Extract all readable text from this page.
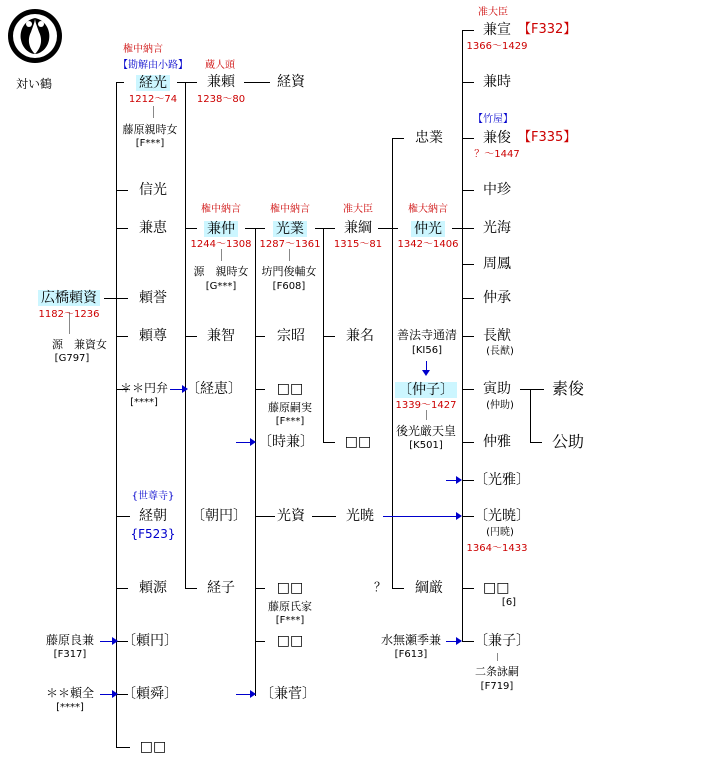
対い鶴
広橋頼資
1182～1236
源　兼資女
[G797]
権中納言
【勘解由小路】
経光
1212～74
藤原親時女
[F***]
信光
兼恵
頼誉
頼尊
＊＊円弁
[****]
{世尊寺}
経朝
{F523}
頼源
藤原良兼
[F317]
〔頼円〕
＊＊頼全
[****]
〔頼舜〕
□□
蔵人頭
兼頼
1238～80
経資
権中納言
兼仲
1244～1308
源　親時女
[G***]
兼智
〔経恵〕
〔朝円〕
経子
権中納言
光業
1287～1361
坊門俊輔女
[F608]
宗昭
□□
藤原嗣実
[F***]
〔時兼〕
光資
□□
藤原氏家
[F***]
□□
〔兼菅〕
准大臣
兼綱
1315～81
兼名
□□
光暁
忠業
権大納言
仲光
1342～1406
善法寺通清
[KI56]
〔仲子〕
1339～1427
後光厳天皇
[K501]
？ 綱厳
水無瀬季兼
[F613]
准大臣
兼宣 【F332】
1366～1429
兼時
【竹屋】
兼俊 【F335】
？～1447
中珍
光海
周鳳
仲承
長猷
(長猷)
寅助
(仲助)
仲雅
〔光雅〕
〔光暁〕
(円暁)
1364～1433
□□
[6]
〔兼子〕
二条詠嗣
[F719]
素俊
公助
